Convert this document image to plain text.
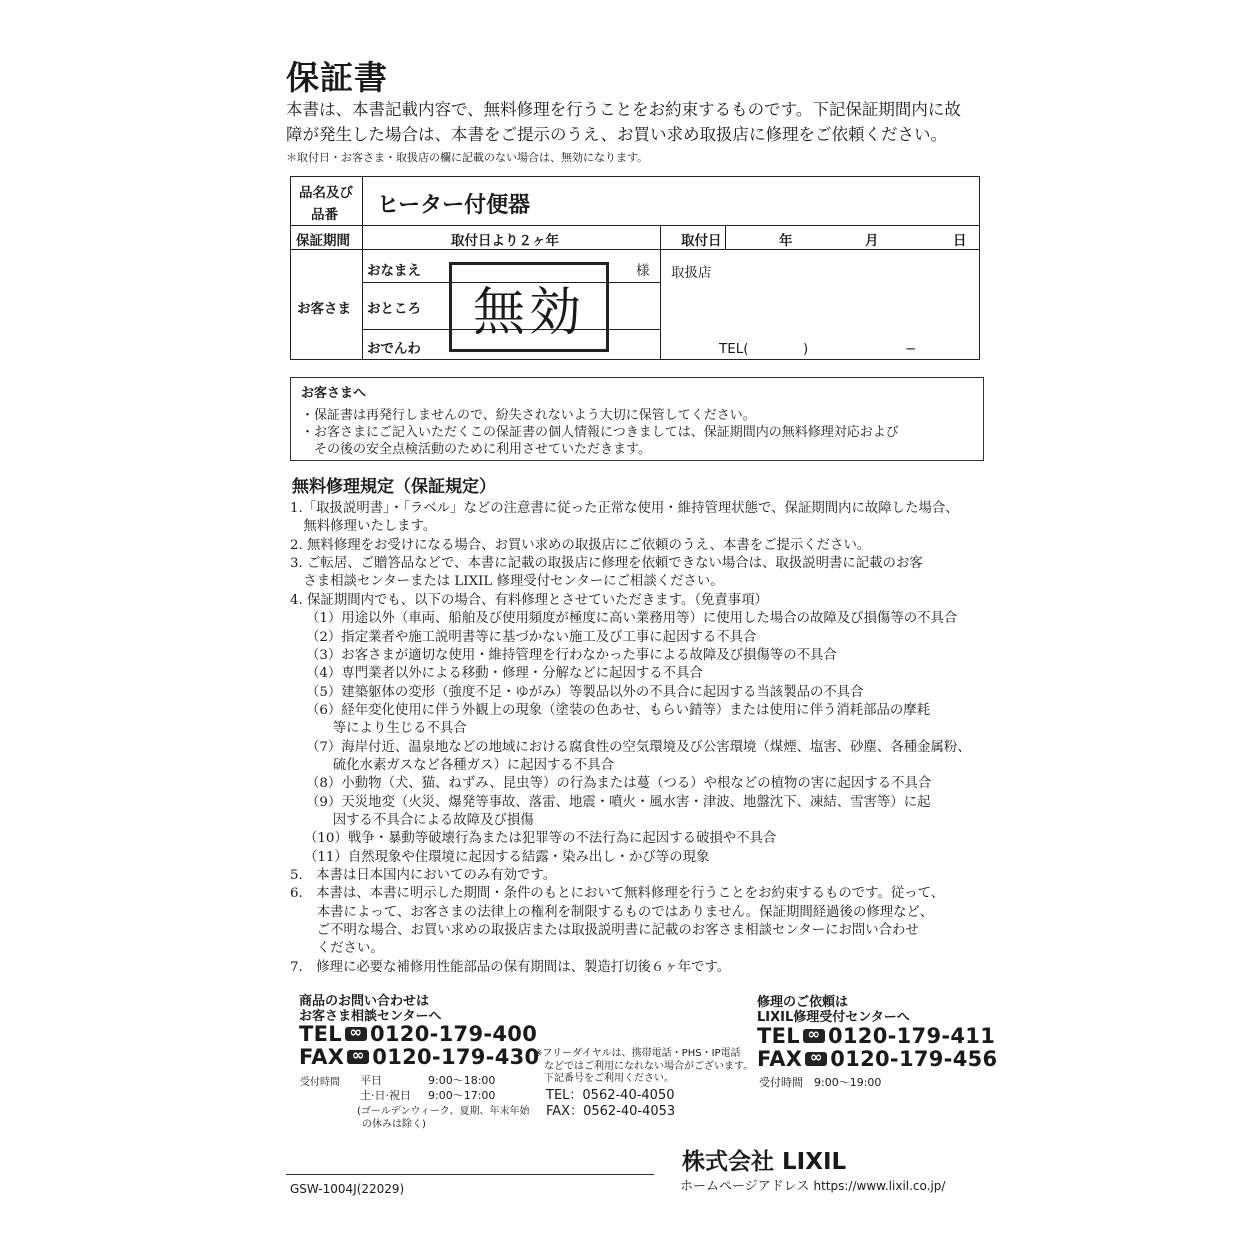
保証書
本書は、本書記載内容で、無料修理を行うことをお約束するものです。下記保証期間内に故
障が発生した場合は、本書をご提示のうえ、お買い求め取扱店に修理をご依頼ください。
＊取付日・お客さま・取扱店の欄に記載のない場合は、無効になります。
品名及び
品番 ヒーター付便器
保証期間	取付日より２ヶ年	取付日	年	月	日
お客さま
おなまえ	様
おところ
おでんわ
取扱店
TEL(	)	−
無効
お客さまへ
・保証書は再発行しませんので、紛失されないよう大切に保管してください。
・お客さまにご記入いただくこの保証書の個人情報につきましては、保証期間内の無料修理対応および
　その後の安全点検活動のために利用させていただきます。
無料修理規定（保証規定）
1.「取扱説明書」・「ラベル」などの注意書に従った正常な使用・維持管理状態で、保証期間内に故障した場合、
　無料修理いたします。
2. 無料修理をお受けになる場合、お買い求めの取扱店にご依頼のうえ、本書をご提示ください。
3. ご転居、ご贈答品などで、本書に記載の取扱店に修理を依頼できない場合は、取扱説明書に記載のお客
　さま相談センターまたは LIXIL 修理受付センターにご相談ください。
4. 保証期間内でも、以下の場合、有料修理とさせていただきます。（免責事項）
（1）用途以外（車両、船舶及び使用頻度が極度に高い業務用等）に使用した場合の故障及び損傷等の不具合
（2）指定業者や施工説明書等に基づかない施工及び工事に起因する不具合
（3）お客さまが適切な使用・維持管理を行わなかった事による故障及び損傷等の不具合
（4）専門業者以外による移動・修理・分解などに起因する不具合
（5）建築躯体の変形（強度不足・ゆがみ）等製品以外の不具合に起因する当該製品の不具合
（6）経年変化使用に伴う外観上の現象（塗装の色あせ、もらい錆等）または使用に伴う消耗部品の摩耗
　　等により生じる不具合
（7）海岸付近、温泉地などの地域における腐食性の空気環境及び公害環境（煤煙、塩害、砂塵、各種金属粉、
　　硫化水素ガスなど各種ガス）に起因する不具合
（8）小動物（犬、猫、ねずみ、昆虫等）の行為または蔓（つる）や根などの植物の害に起因する不具合
（9）天災地変（火災、爆発等事故、落雷、地震・噴火・風水害・津波、地盤沈下、凍結、雪害等）に起
　　因する不具合による故障及び損傷
（10）戦争・暴動等破壊行為または犯罪等の不法行為に起因する破損や不具合
（11）自然現象や住環境に起因する結露・染み出し・かび等の現象
5.　本書は日本国内においてのみ有効です。
6.　本書は、本書に明示した期間・条件のもとにおいて無料修理を行うことをお約束するものです。従って、
　　本書によって、お客さまの法律上の権利を制限するものではありません。保証期間経過後の修理など、
　　ご不明な場合、お買い求めの取扱店または取扱説明書に記載のお客さま相談センターにお問い合わせ
　　ください。
7.　修理に必要な補修用性能部品の保有期間は、製造打切後６ヶ年です。
商品のお問い合わせは
お客さま相談センターへ
TEL ∞ 0120-179-400
FAX ∞ 0120-179-430
受付時間 平日	9:00〜18:00
土·日·祝日 9:00〜17:00
(ゴールデンウィーク、夏期、年末年始
の休みは除く)
※フリーダイヤルは、携帯電話・PHS・IP電話
などではご利用になれない場合がございます。
下記番号をご利用ください。
TEL：0562-40-4050
FAX：0562-40-4053
修理のご依頼は
LIXIL修理受付センターへ
TEL ∞ 0120-179-411
FAX ∞ 0120-179-456
受付時間　9:00〜19:00
GSW-1004J(22029)
株式会社 LIXIL
ホームページアドレス https://www.lixil.co.jp/
